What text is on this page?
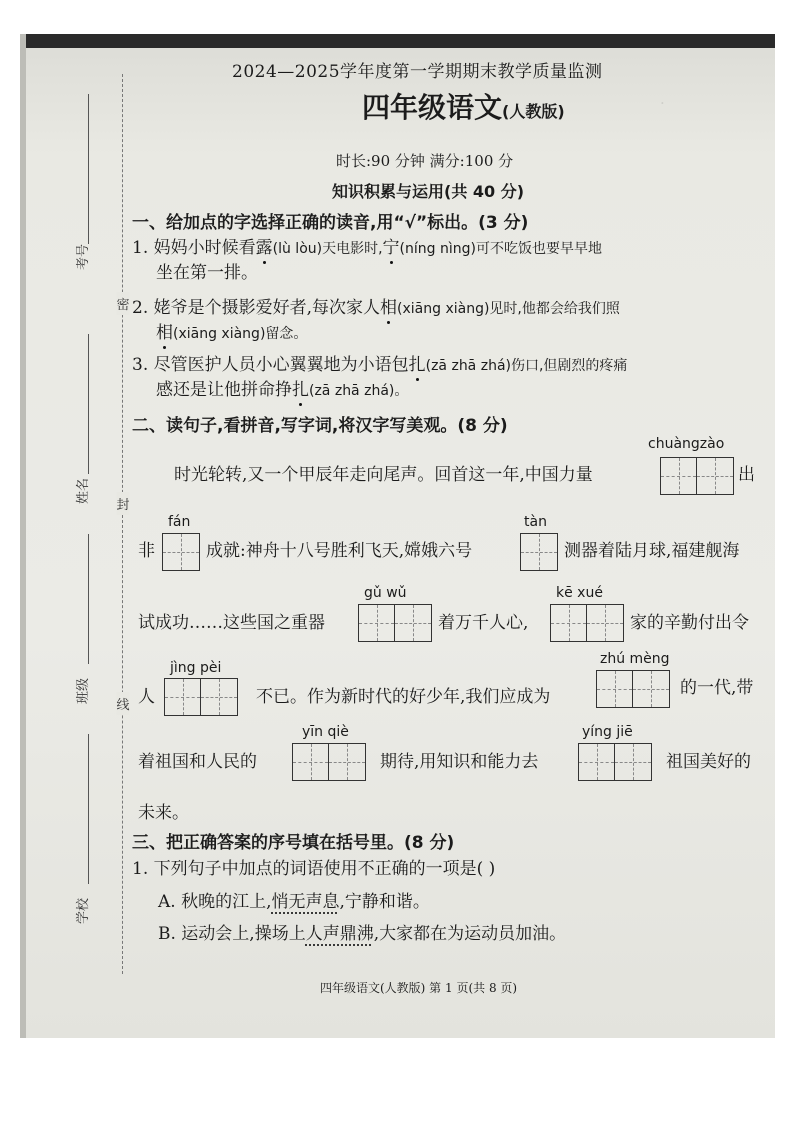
·
密
封
线
考号
姓名
班级
学校
2024—2025学年度第一学期期末教学质量监测
四年级语文(人教版)
时长:90 分钟 满分:100 分
知识积累与运用(共 40 分)
一、给加点的字选择正确的读音,用“√”标出。(3 分)
1. 妈妈小时候看露(lù lòu)天电影时,宁(níng nìng)可不吃饭也要早早地
坐在第一排。
2. 姥爷是个摄影爱好者,每次家人相(xiāng xiàng)见时,他都会给我们照
相(xiāng xiàng)留念。
3. 尽管医护人员小心翼翼地为小语包扎(zā zhā zhá)伤口,但剧烈的疼痛
感还是让他拼命挣扎(zā zhā zhá)。
二、读句子,看拼音,写字词,将汉字写美观。(8 分)
chuàngzào
时光轮转,又一个甲辰年走向尾声。回首这一年,中国力量	出
fán
非	成就:神舟十八号胜利飞天,嫦娥六号
tàn
测器着陆月球,福建舰海
gǔ wǔ
试成功……这些国之重器	着万千人心,
kē xué
家的辛勤付出令
jìng pèi
人	不已。作为新时代的好少年,我们应成为
zhú mèng
的一代,带
yīn qiè
着祖国和人民的	期待,用知识和能力去
yíng jiē
祖国美好的
未来。
三、把正确答案的序号填在括号里。(8 分)
1. 下列句子中加点的词语使用不正确的一项是( )
A. 秋晚的江上,悄无声息,宁静和谐。
B. 运动会上,操场上人声鼎沸,大家都在为运动员加油。
四年级语文(人教版) 第 1 页(共 8 页)
